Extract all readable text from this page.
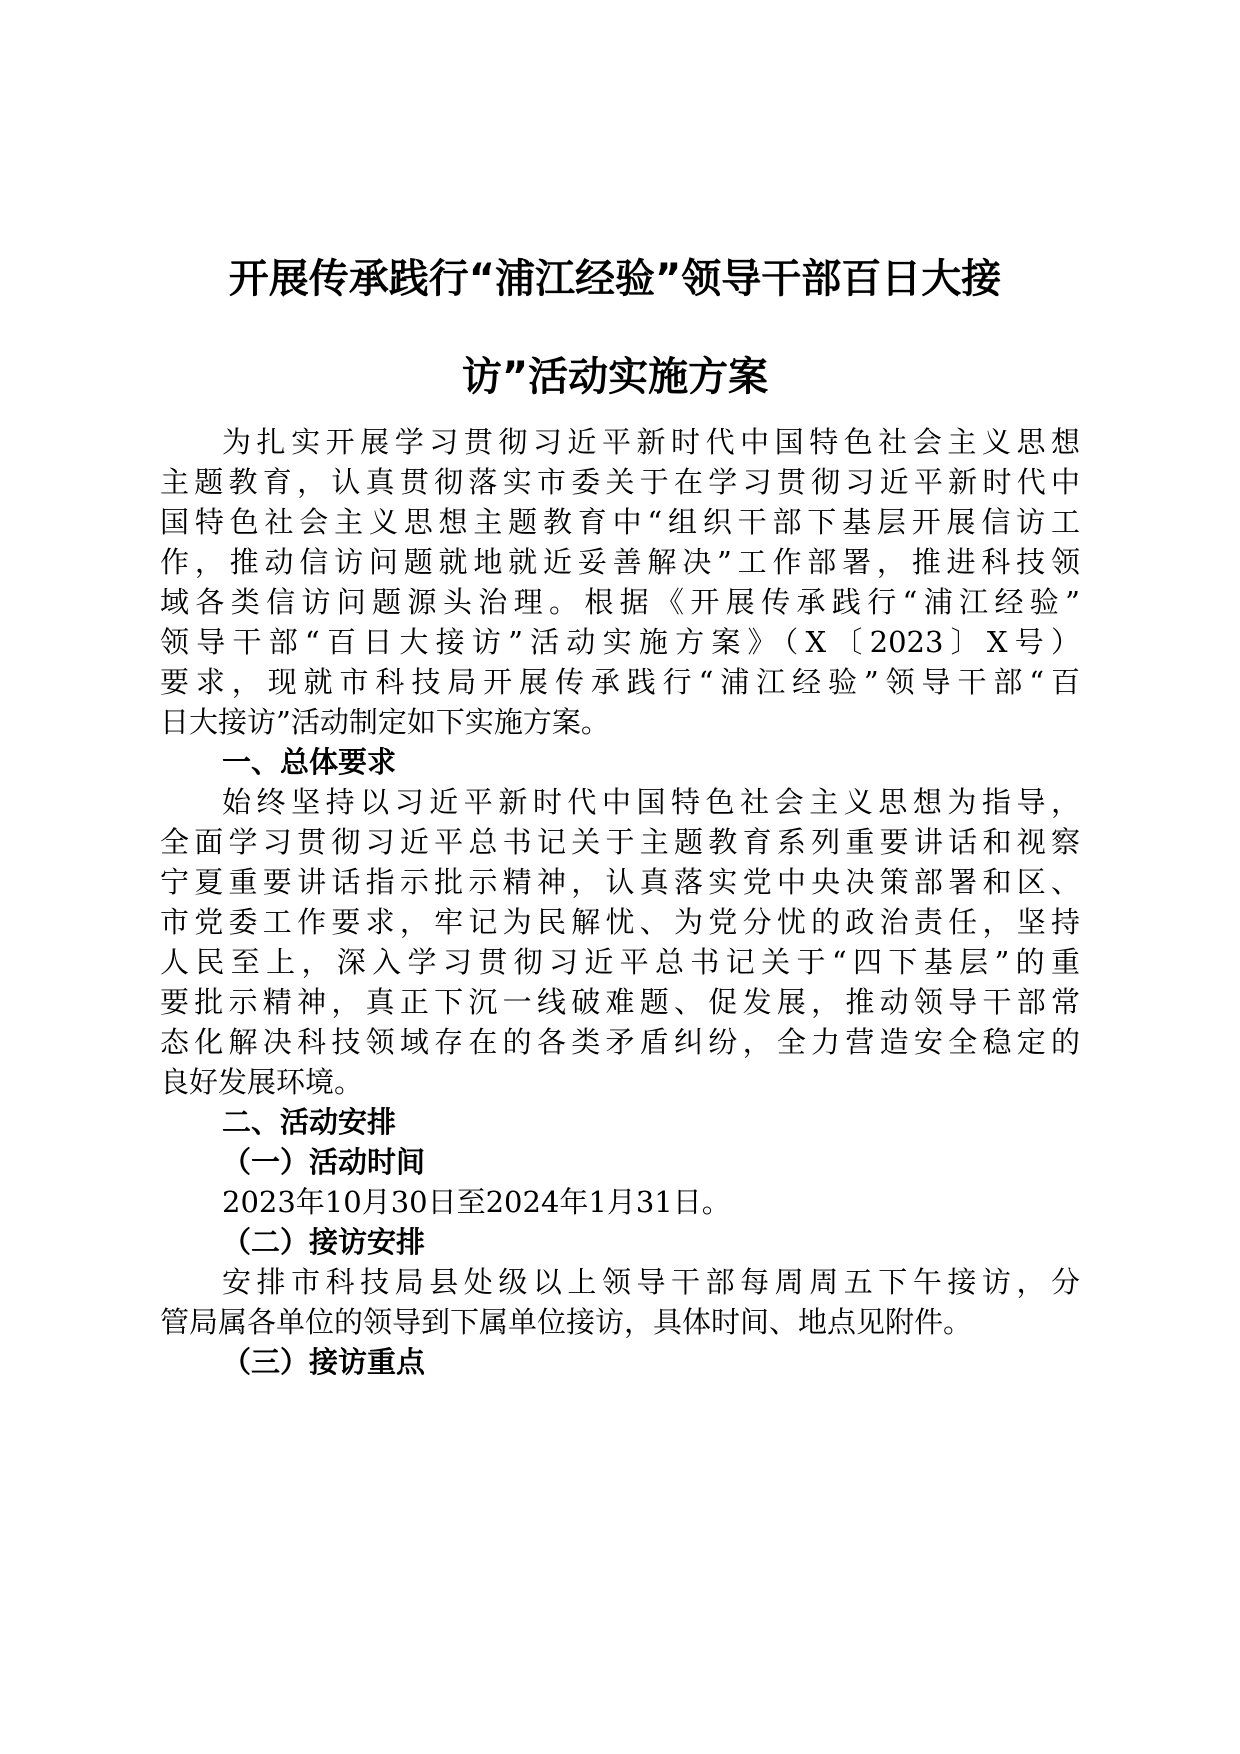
开展传承践行“浦江经验”领导干部百日大接
访”活动实施方案

为扎实开展学习贯彻习近平新时代中国特色社会主义思想

主题教育，认真贯彻落实市委关于在学习贯彻习近平新时代中

国特色社会主义思想主题教育中“组织干部下基层开展信访工

作，推动信访问题就地就近妥善解决”工作部署，推进科技领

域各类信访问题源头治理。根据《开展传承践行“浦江经验”

领导干部“百日大接访”活动实施方案》（X〔2023〕X号）

要求，现就市科技局开展传承践行“浦江经验”领导干部“百

日大接访”活动制定如下实施方案。

一、总体要求

始终坚持以习近平新时代中国特色社会主义思想为指导，

全面学习贯彻习近平总书记关于主题教育系列重要讲话和视察

宁夏重要讲话指示批示精神，认真落实党中央决策部署和区、

市党委工作要求，牢记为民解忧、为党分忧的政治责任，坚持

人民至上，深入学习贯彻习近平总书记关于“四下基层”的重

要批示精神，真正下沉一线破难题、促发展，推动领导干部常

态化解决科技领域存在的各类矛盾纠纷，全力营造安全稳定的

良好发展环境。

二、活动安排
（一）活动时间

2023年10月30日至2024年1月31日。

（二）接访安排

安排市科技局县处级以上领导干部每周周五下午接访，分

管局属各单位的领导到下属单位接访，具体时间、地点见附件。

（三）接访重点
